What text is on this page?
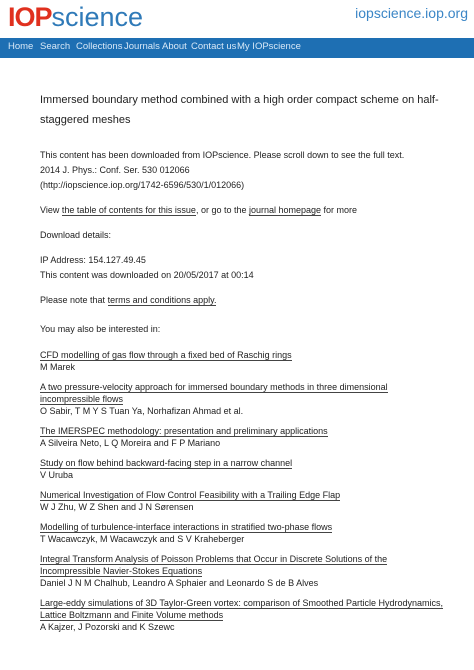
IOPscience	iopscience.iop.org
Home Search Collections Journals About Contact us My IOPscience
Immersed boundary method combined with a high order compact scheme on half-staggered meshes
This content has been downloaded from IOPscience. Please scroll down to see the full text.
2014 J. Phys.: Conf. Ser. 530 012066
(http://iopscience.iop.org/1742-6596/530/1/012066)
View the table of contents for this issue, or go to the journal homepage for more
Download details:
IP Address: 154.127.49.45
This content was downloaded on 20/05/2017 at 00:14
Please note that terms and conditions apply.
You may also be interested in:
CFD modelling of gas flow through a fixed bed of Raschig rings
M Marek
A two pressure-velocity approach for immersed boundary methods in three dimensional incompressible flows
O Sabir, T M Y S Tuan Ya, Norhafizan Ahmad et al.
The IMERSPEC methodology: presentation and preliminary applications
A Silveira Neto, L Q Moreira and F P Mariano
Study on flow behind backward-facing step in a narrow channel
V Uruba
Numerical Investigation of Flow Control Feasibility with a Trailing Edge Flap
W J Zhu, W Z Shen and J N Sørensen
Modelling of turbulence-interface interactions in stratified two-phase flows
T Wacawczyk, M Wacawczyk and S V Kraheberger
Integral Transform Analysis of Poisson Problems that Occur in Discrete Solutions of the Incompressible Navier-Stokes Equations
Daniel J N M Chalhub, Leandro A Sphaier and Leonardo S de B Alves
Large-eddy simulations of 3D Taylor-Green vortex: comparison of Smoothed Particle Hydrodynamics, Lattice Boltzmann and Finite Volume methods
A Kajzer, J Pozorski and K Szewc
